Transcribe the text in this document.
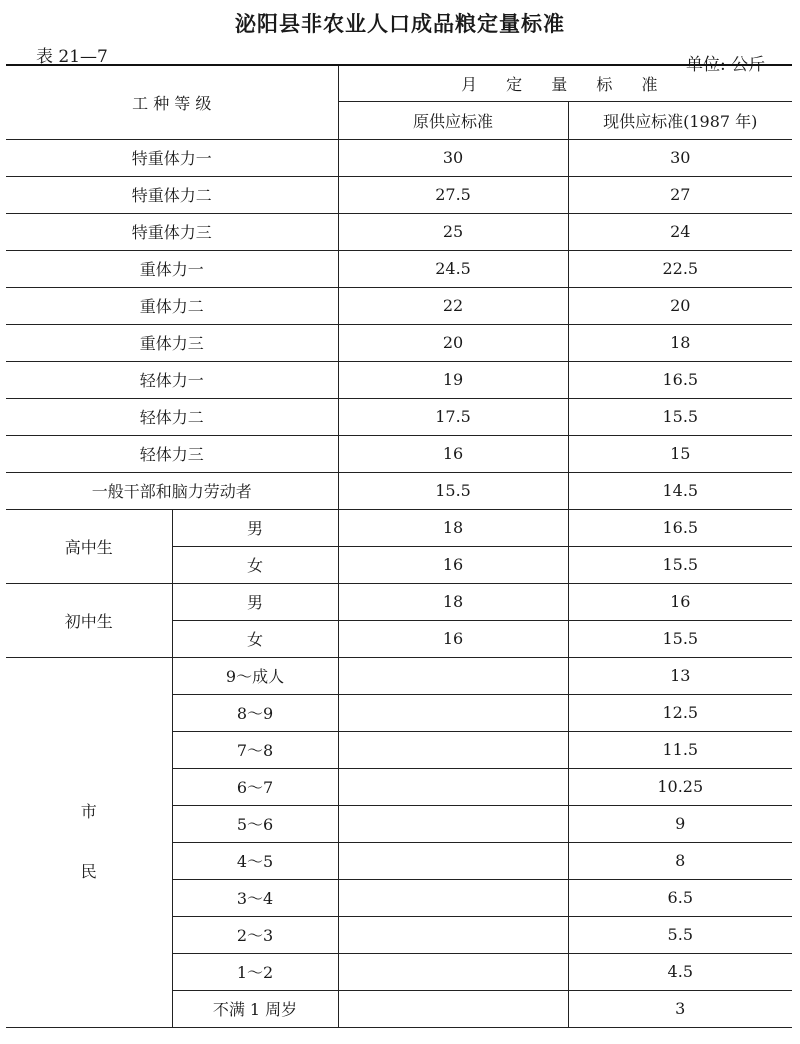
泌阳县非农业人口成品粮定量标准
表 21—7	单位: 公斤
工 种 等 级		月 定 量 标 准	
		原供应标准	现供应标准(1987 年)
特重体力一		30	30
特重体力二		27.5	27
特重体力三		25	24
重体力一		24.5	22.5
重体力二		22	20
重体力三		20	18
轻体力一		19	16.5
轻体力二		17.5	15.5
轻体力三		16	15
一般干部和脑力劳动者		15.5	14.5
高中生	男	18	16.5
	女	16	15.5
初中生	男	18	16
	女	16	15.5

市
民	9～成人		13
	8～9		12.5
	7～8		11.5
	6～7		10.25
	5～6		9
	4～5		8
	3～4		6.5
	2～3		5.5
	1～2		4.5
	不满 1 周岁		3
